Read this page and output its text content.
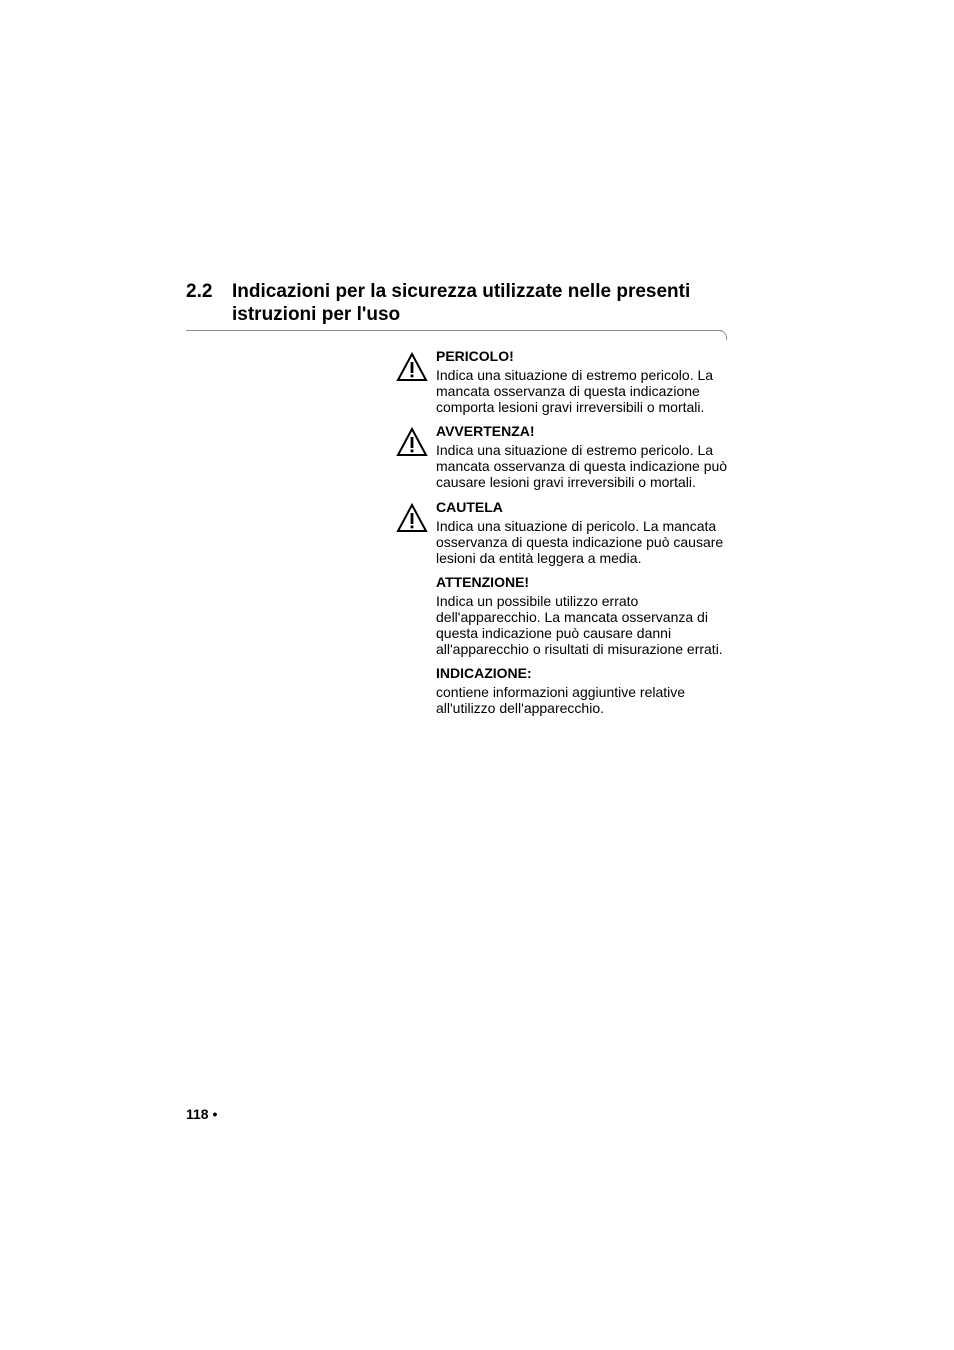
2.2 Indicazioni per la sicurezza utilizzate nelle presenti istruzioni per l'uso
PERICOLO!
Indica una situazione di estremo pericolo. La mancata osservanza di questa indicazione comporta lesioni gravi irreversibili o mortali.
AVVERTENZA!
Indica una situazione di estremo pericolo. La mancata osservanza di questa indicazione può causare lesioni gravi irreversibili o mortali.
CAUTELA
Indica una situazione di pericolo. La mancata osservanza di questa indicazione può causare lesioni da entità leggera a media.
ATTENZIONE!
Indica un possibile utilizzo errato dell'apparecchio. La mancata osservanza di questa indicazione può causare danni all'apparecchio o risultati di misurazione errati.
INDICAZIONE:
contiene informazioni aggiuntive relative all'utilizzo dell'apparecchio.
118 •
